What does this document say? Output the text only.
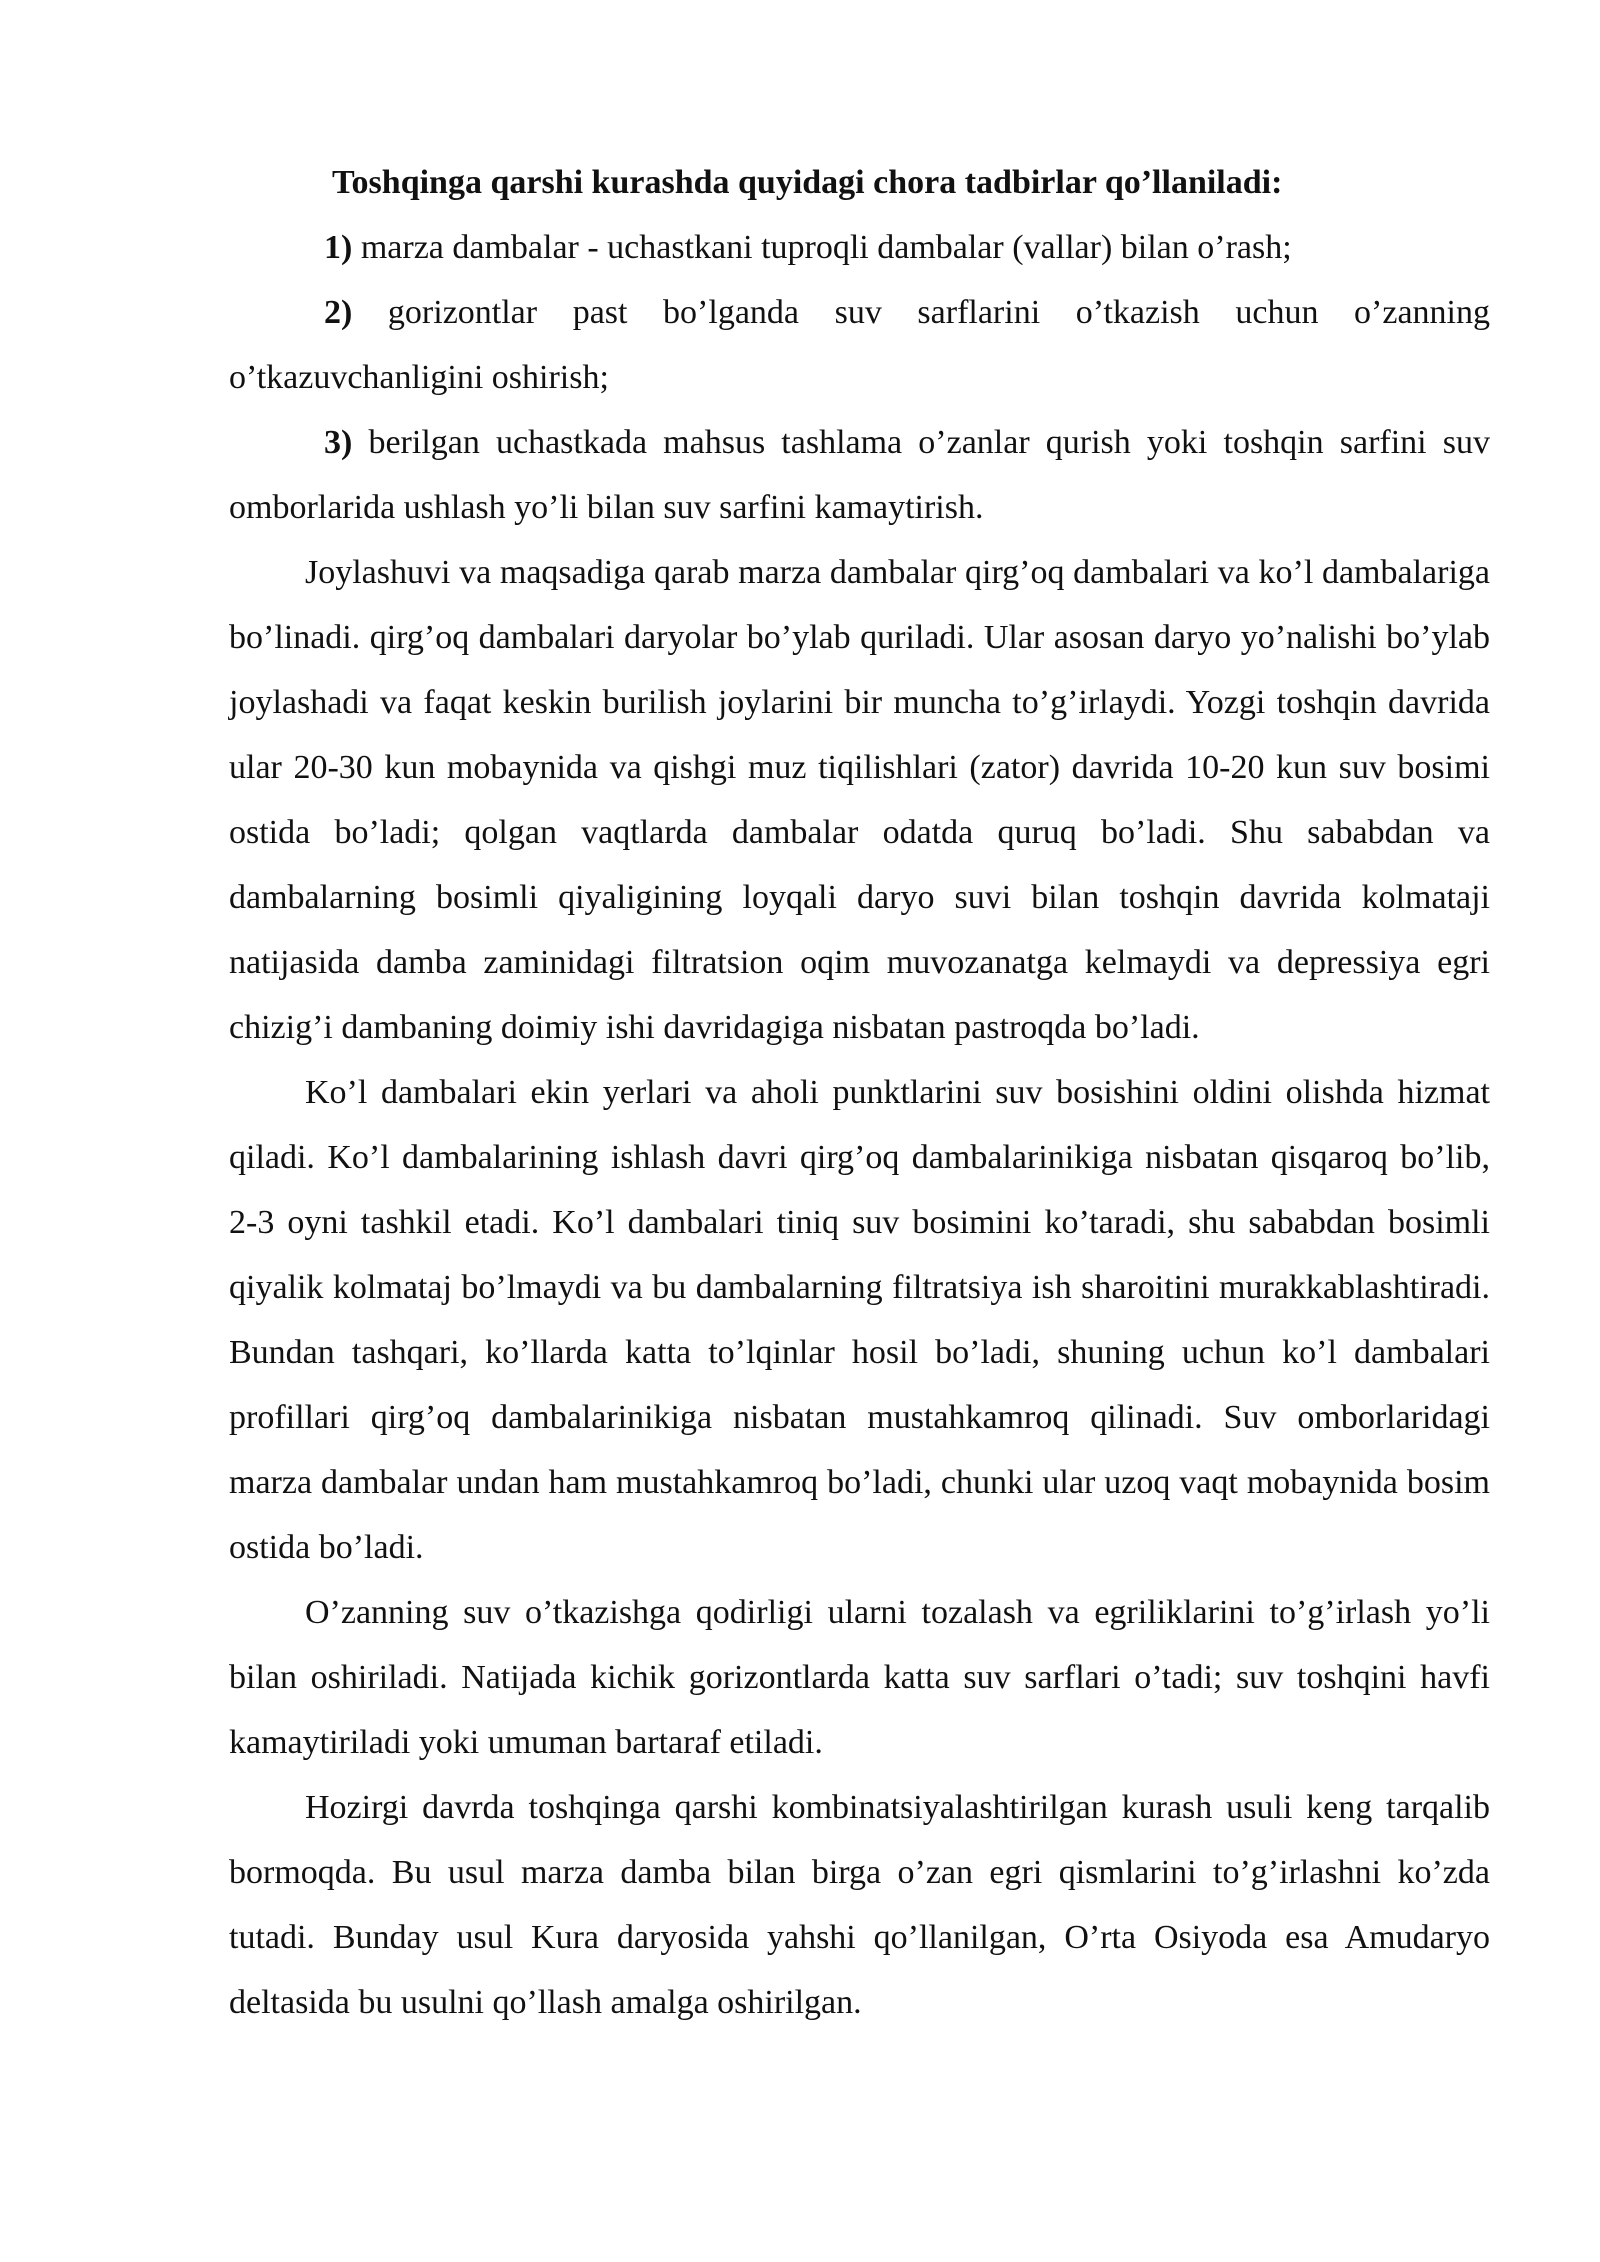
Toshqinga qarshi kurashda quyidagi chora tadbirlar qo’llaniladi:

1) marza dambalar - uchastkani tuproqli dambalar (vallar) bilan o’rash;

2) gorizontlar past bo’lganda suv sarflarini o’tkazish uchun o’zanning o’tkazuvchanligini oshirish;

3) berilgan uchastkada mahsus tashlama o’zanlar qurish yoki toshqin sarfini suv omborlarida ushlash yo’li bilan suv sarfini kamaytirish.

Joylashuvi va maqsadiga qarab marza dambalar qirg’oq dambalari va ko’l dambalariga bo’linadi. qirg’oq dambalari daryolar bo’ylab quriladi. Ular asosan daryo yo’nalishi bo’ylab joylashadi va faqat keskin burilish joylarini bir muncha to’g’irlaydi. Yozgi toshqin davrida ular 20-30 kun mobaynida va qishgi muz tiqilishlari (zator) davrida 10-20 kun suv bosimi ostida bo’ladi; qolgan vaqtlarda dambalar odatda quruq bo’ladi. Shu sababdan va dambalarning bosimli qiyaligining loyqali daryo suvi bilan toshqin davrida kolmataji natijasida damba zaminidagi filtratsion oqim muvozanatga kelmaydi va depressiya egri chizig’i dambaning doimiy ishi davridagiga nisbatan pastroqda bo’ladi.

Ko’l dambalari ekin yerlari va aholi punktlarini suv bosishini oldini olishda hizmat qiladi. Ko’l dambalarining ishlash davri qirg’oq dambalarinikiga nisbatan qisqaroq bo’lib, 2-3 oyni tashkil etadi. Ko’l dambalari tiniq suv bosimini ko’taradi, shu sababdan bosimli qiyalik kolmataj bo’lmaydi va bu dambalarning filtratsiya ish sharoitini murakkablashtiradi. Bundan tashqari, ko’llarda katta to’lqinlar hosil bo’ladi, shuning uchun ko’l dambalari profillari qirg’oq dambalarinikiga nisbatan mustahkamroq qilinadi. Suv omborlaridagi marza dambalar undan ham mustahkamroq bo’ladi, chunki ular uzoq vaqt mobaynida bosim ostida bo’ladi.

O’zanning suv o’tkazishga qodirligi ularni tozalash va egriliklarini to’g’irlash yo’li bilan oshiriladi. Natijada kichik gorizontlarda katta suv sarflari o’tadi; suv toshqini havfi kamaytiriladi yoki umuman bartaraf etiladi.

Hozirgi davrda toshqinga qarshi kombinatsiyalashtirilgan kurash usuli keng tarqalib bormoqda. Bu usul marza damba bilan birga o’zan egri qismlarini to’g’irlashni ko’zda tutadi. Bunday usul Kura daryosida yahshi qo’llanilgan, O’rta Osiyoda esa Amudaryo deltasida bu usulni qo’llash amalga oshirilgan.
